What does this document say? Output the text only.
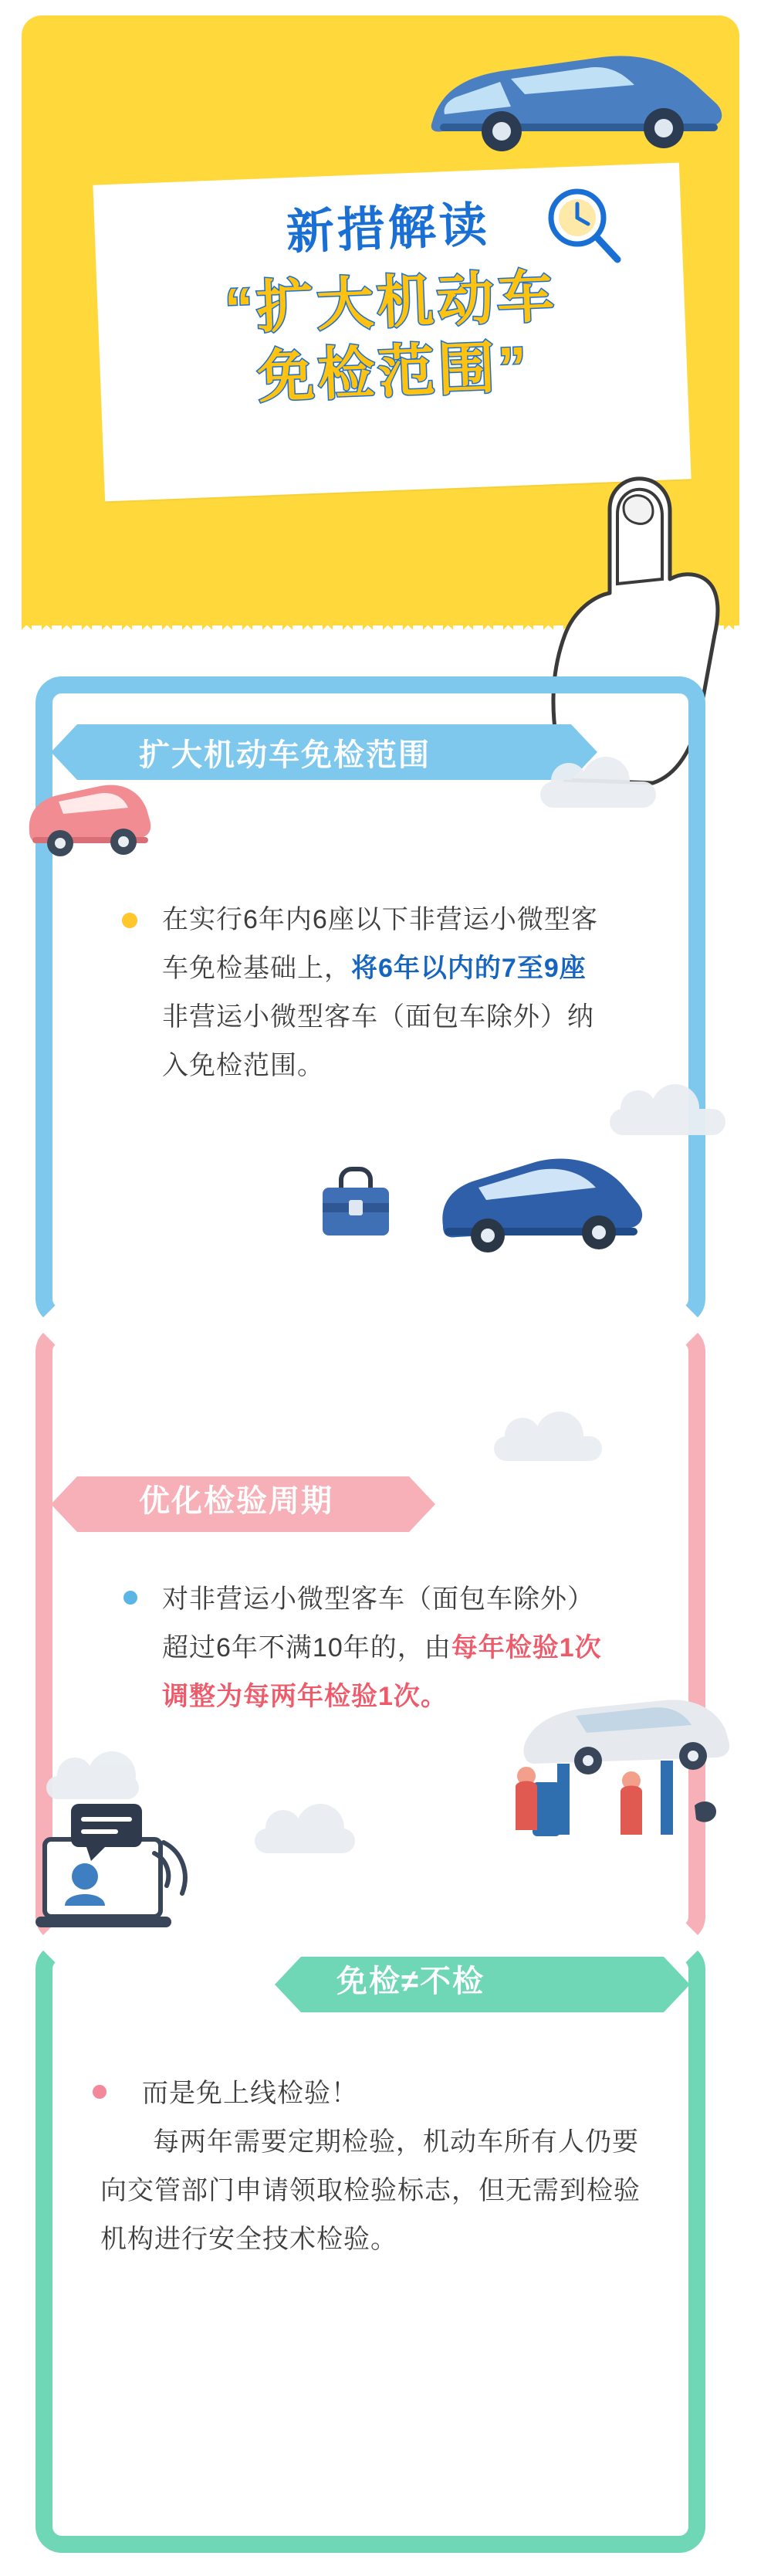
新措解读
“扩大机动车
免检范围”
扩大机动车免检范围
在实行6年内6座以下非营运小微型客车免检基础上，将6年以内的7至9座非营运小微型客车（面包车除外）纳入免检范围。
优化检验周期
对非营运小微型客车（面包车除外）超过6年不满10年的，由每年检验1次调整为每两年检验1次。
免检≠不检
而是免上线检验！
每两年需要定期检验，机动车所有人仍要向交管部门申请领取检验标志，但无需到检验机构进行安全技术检验。
